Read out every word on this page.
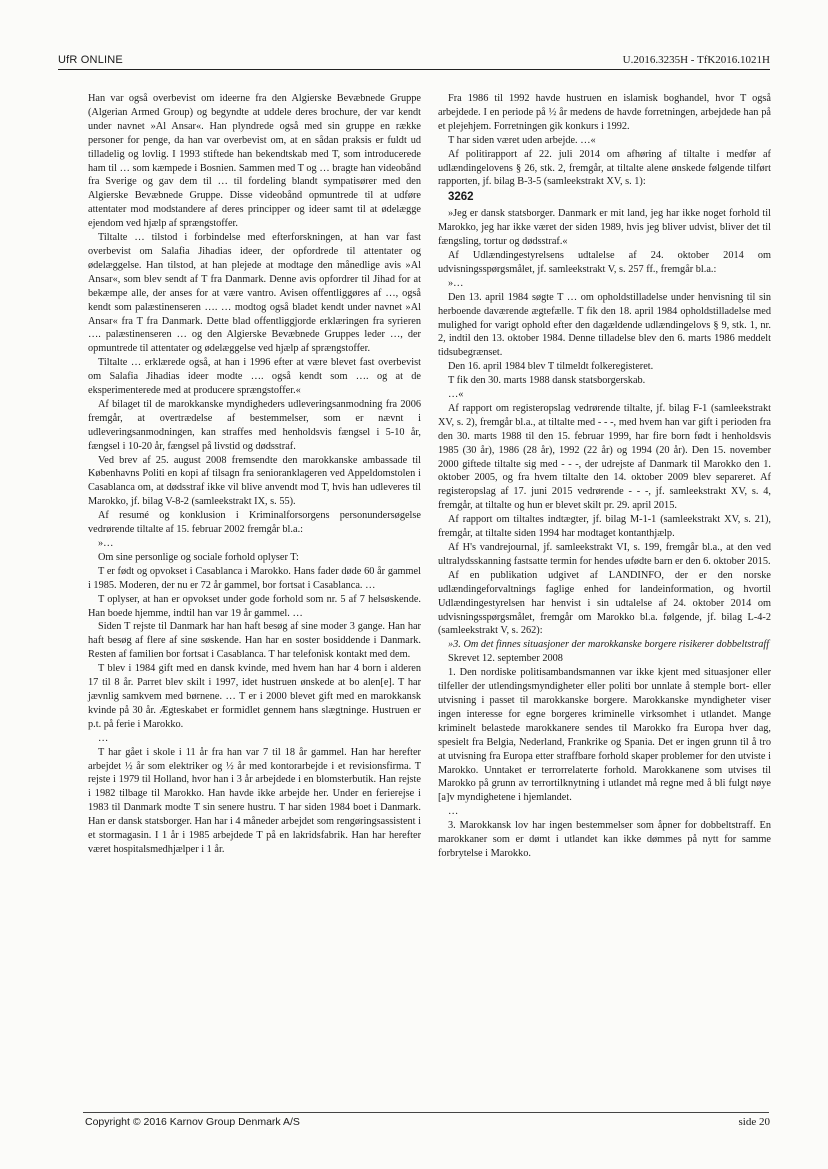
UfR ONLINE	U.2016.3235H - TfK2016.1021H

Han var også overbevist om ideerne fra den Algierske Bevæbnede Gruppe (Algerian Armed Group) og begyndte at uddele deres brochure, der var kendt under navnet »Al Ansar«. Han plyndrede også med sin gruppe en række personer for penge, da han var overbevist om, at en sådan praksis er fuldt ud tilladelig og lovlig. I 1993 stiftede han bekendtskab med T, som introducerede ham til … som kæmpede i Bosnien. Sammen med T og … bragte han videobånd fra Sverige og gav dem til … til fordeling blandt sympatisører med den Algierske Bevæbnede Gruppe. Disse videobånd opmuntrede til at udføre attentater mod modstandere af deres principper og ideer samt til at ødelægge ejendom ved hjælp af sprængstoffer.

Tiltalte … tilstod i forbindelse med efterforskningen, at han var fast overbevist om Salafia Jihadias ideer, der opfordrede til attentater og ødelæggelse. Han tilstod, at han plejede at modtage den månedlige avis »Al Ansar«, som blev sendt af T fra Danmark. Denne avis opfordrer til Jihad for at bekæmpe alle, der anses for at være vantro. Avisen offentliggøres af …, også kendt som palæstinenseren …. … modtog også bladet kendt under navnet »Al Ansar« fra T fra Danmark. Dette blad offentliggjorde erklæringen fra syrieren …. palæstinenseren … og den Algierske Bevæbnede Gruppes leder …, der opmuntrede til attentater og ødelæggelse ved hjælp af sprængstoffer.

Tiltalte … erklærede også, at han i 1996 efter at være blevet fast overbevist om Salafia Jihadias ideer modte …. også kendt som …. og at de eksperimenterede med at producere sprængstoffer.«

Af bilaget til de marokkanske myndigheders udleveringsanmodning fra 2006 fremgår, at overtrædelse af bestemmelser, som er nævnt i udleveringsanmodningen, kan straffes med henholdsvis fængsel i 5-10 år, fængsel i 10-20 år, fængsel på livstid og dødsstraf.

Ved brev af 25. august 2008 fremsendte den marokkanske ambassade til Københavns Politi en kopi af tilsagn fra senioranklageren ved Appeldomstolen i Casablanca om, at dødsstraf ikke vil blive anvendt mod T, hvis han udleveres til Marokko, jf. bilag V-8-2 (samleekstrakt IX, s. 55).

Af resumé og konklusion i Kriminalforsorgens personundersøgelse vedrørende tiltalte af 15. februar 2002 fremgår bl.a.:

»…

Om sine personlige og sociale forhold oplyser T:

T er født og opvokset i Casablanca i Marokko. Hans fader døde 60 år gammel i 1985. Moderen, der nu er 72 år gammel, bor fortsat i Casablanca. …

T oplyser, at han er opvokset under gode forhold som nr. 5 af 7 helsøskende. Han boede hjemme, indtil han var 19 år gammel. …

Siden T rejste til Danmark har han haft besøg af sine moder 3 gange. Han har haft besøg af flere af sine søskende. Han har en soster bosiddende i Danmark. Resten af familien bor fortsat i Casablanca. T har telefonisk kontakt med dem.

T blev i 1984 gift med en dansk kvinde, med hvem han har 4 born i alderen 17 til 8 år. Parret blev skilt i 1997, idet hustruen ønskede at bo alen[e]. T har jævnlig samkvem med børnene. … T er i 2000 blevet gift med en marokkansk kvinde på 30 år. Ægteskabet er formidlet gennem hans slægtninge. Hustruen er p.t. på ferie i Marokko.

…

T har gået i skole i 11 år fra han var 7 til 18 år gammel. Han har herefter arbejdet ½ år som elektriker og ½ år med kontorarbejde i et revisionsfirma. T rejste i 1979 til Holland, hvor han i 3 år arbejdede i en blomsterbutik. Han rejste i 1982 tilbage til Marokko. Han havde ikke arbejde her. Under en ferierejse i 1983 til Danmark modte T sin senere hustru. T har siden 1984 boet i Danmark. Han er dansk statsborger. Han har i 4 måneder arbejdet som rengøringsassistent i et stormagasin. I 1 år i 1985 arbejdede T på en lakridsfabrik. Han har herefter været hospitalsmedhjælper i 1 år.

Fra 1986 til 1992 havde hustruen en islamisk boghandel, hvor T også arbejdede. I en periode på ½ år medens de havde forretningen, arbejdede han på et plejehjem. Forretningen gik konkurs i 1992.

T har siden været uden arbejde. …«

Af politirapport af 22. juli 2014 om afhøring af tiltalte i medfør af udlændingelovens § 26, stk. 2, fremgår, at tiltalte alene ønskede følgende tilført rapporten, jf. bilag B-3-5 (samleekstrakt XV, s. 1):

3262

»Jeg er dansk statsborger. Danmark er mit land, jeg har ikke noget forhold til Marokko, jeg har ikke været der siden 1989, hvis jeg bliver udvist, bliver det til fængsling, tortur og dødsstraf.«

Af Udlændingestyrelsens udtalelse af 24. oktober 2014 om udvisningsspørgsmålet, jf. samleekstrakt V, s. 257 ff., fremgår bl.a.:

»…

Den 13. april 1984 søgte T … om opholdstilladelse under henvisning til sin herboende daværende ægtefælle. T fik den 18. april 1984 opholdstilladelse med mulighed for varigt ophold efter den dagældende udlændingelovs § 9, stk. 1, nr. 2, indtil den 13. oktober 1984. Denne tilladelse blev den 6. marts 1986 meddelt tidsubegrænset.

Den 16. april 1984 blev T tilmeldt folkeregisteret.

T fik den 30. marts 1988 dansk statsborgerskab.

…«

Af rapport om registeropslag vedrørende tiltalte, jf. bilag F-1 (samleekstrakt XV, s. 2), fremgår bl.a., at tiltalte med - - -, med hvem han var gift i perioden fra den 30. marts 1988 til den 15. februar 1999, har fire born født i henholdsvis 1985 (30 år), 1986 (28 år), 1992 (22 år) og 1994 (20 år). Den 15. november 2000 giftede tiltalte sig med - - -, der udrejste af Danmark til Marokko den 1. oktober 2005, og fra hvem tiltalte den 14. oktober 2009 blev separeret. Af registeropslag af 17. juni 2015 vedrørende - - -, jf. samleekstrakt XV, s. 4, fremgår, at tiltalte og hun er blevet skilt pr. 29. april 2015.

Af rapport om tiltaltes indtægter, jf. bilag M-1-1 (samleekstrakt XV, s. 21), fremgår, at tiltalte siden 1994 har modtaget kontanthjælp.

Af H's vandrejournal, jf. samleekstrakt VI, s. 199, fremgår bl.a., at den ved ultralydsskanning fastsatte termin for hendes ufødte barn er den 6. oktober 2015.

Af en publikation udgivet af LANDINFO, der er den norske udlændingeforvaltnings faglige enhed for landeinformation, og hvortil Udlændingestyrelsen har henvist i sin udtalelse af 24. oktober 2014 om udvisningsspørgsmålet, fremgår om Marokko bl.a. følgende, jf. bilag L-4-2 (samleekstrakt V, s. 262):

»3. Om det finnes situasjoner der marokkanske borgere risikerer dobbeltstraff

Skrevet 12. september 2008

1. Den nordiske politisambandsmannen var ikke kjent med situasjoner eller tilfeller der utlendingsmyndigheter eller politi bor unnlate å stemple bort- eller utvisning i passet til marokkanske borgere. Marokkanske myndigheter viser ingen interesse for egne borgeres kriminelle virksomhet i utlandet. Mange kriminelt belastede marokkanere sendes til Marokko fra Europa hver dag, spesielt fra Belgia, Nederland, Frankrike og Spania. Det er ingen grunn til å tro at utvisning fra Europa etter straffbare forhold skaper problemer for den utviste i Marokko. Unntaket er terrorrelaterte forhold. Marokkanene som utvises til Marokko på grunn av terrortilknytning i utlandet må regne med å bli fulgt nøye [a]v myndighetene i hjemlandet.

…

3. Marokkansk lov har ingen bestemmelser som åpner for dobbeltstraff. En marokkaner som er dømt i utlandet kan ikke dømmes på nytt for samme forbrytelse i Marokko.

Copyright © 2016 Karnov Group Denmark A/S	side 20
